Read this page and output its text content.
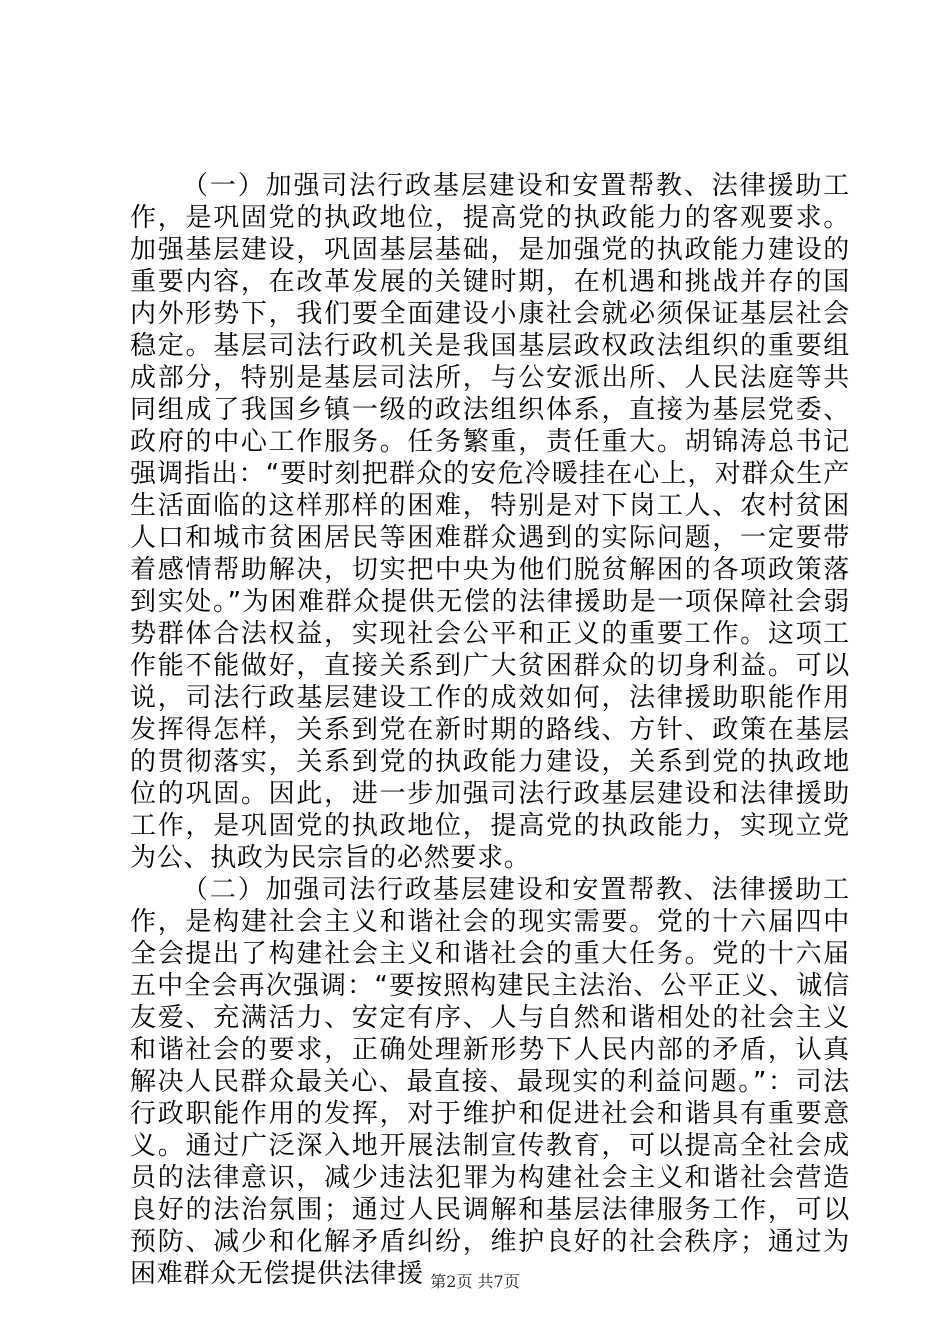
（一）加强司法行政基层建设和安置帮教、法律援助工作，是巩固党的执政地位，提高党的执政能力的客观要求。加强基层建设，巩固基层基础，是加强党的执政能力建设的重要内容，在改革发展的关键时期，在机遇和挑战并存的国内外形势下，我们要全面建设小康社会就必须保证基层社会稳定。基层司法行政机关是我国基层政权政法组织的重要组成部分，特别是基层司法所，与公安派出所、人民法庭等共同组成了我国乡镇一级的政法组织体系，直接为基层党委、政府的中心工作服务。任务繁重，责任重大。胡锦涛总书记强调指出：“要时刻把群众的安危冷暖挂在心上，对群众生产生活面临的这样那样的困难，特别是对下岗工人、农村贫困人口和城市贫困居民等困难群众遇到的实际问题，一定要带着感情帮助解决，切实把中央为他们脱贫解困的各项政策落到实处。”为困难群众提供无偿的法律援助是一项保障社会弱势群体合法权益，实现社会公平和正义的重要工作。这项工作能不能做好，直接关系到广大贫困群众的切身利益。可以说，司法行政基层建设工作的成效如何，法律援助职能作用发挥得怎样，关系到党在新时期的路线、方针、政策在基层的贯彻落实，关系到党的执政能力建设，关系到党的执政地位的巩固。因此，进一步加强司法行政基层建设和法律援助工作，是巩固党的执政地位，提高党的执政能力，实现立党为公、执政为民宗旨的必然要求。

（二）加强司法行政基层建设和安置帮教、法律援助工作，是构建社会主义和谐社会的现实需要。党的十六届四中全会提出了构建社会主义和谐社会的重大任务。党的十六届五中全会再次强调：“要按照构建民主法治、公平正义、诚信友爱、充满活力、安定有序、人与自然和谐相处的社会主义和谐社会的要求，正确处理新形势下人民内部的矛盾，认真解决人民群众最关心、最直接、最现实的利益问题。”：司法行政职能作用的发挥，对于维护和促进社会和谐具有重要意义。通过广泛深入地开展法制宣传教育，可以提高全社会成员的法律意识，减少违法犯罪为构建社会主义和谐社会营造良好的法治氛围；通过人民调解和基层法律服务工作，可以预防、减少和化解矛盾纠纷，维护良好的社会秩序；通过为困难群众无偿提供法律援 第2页 共7页
